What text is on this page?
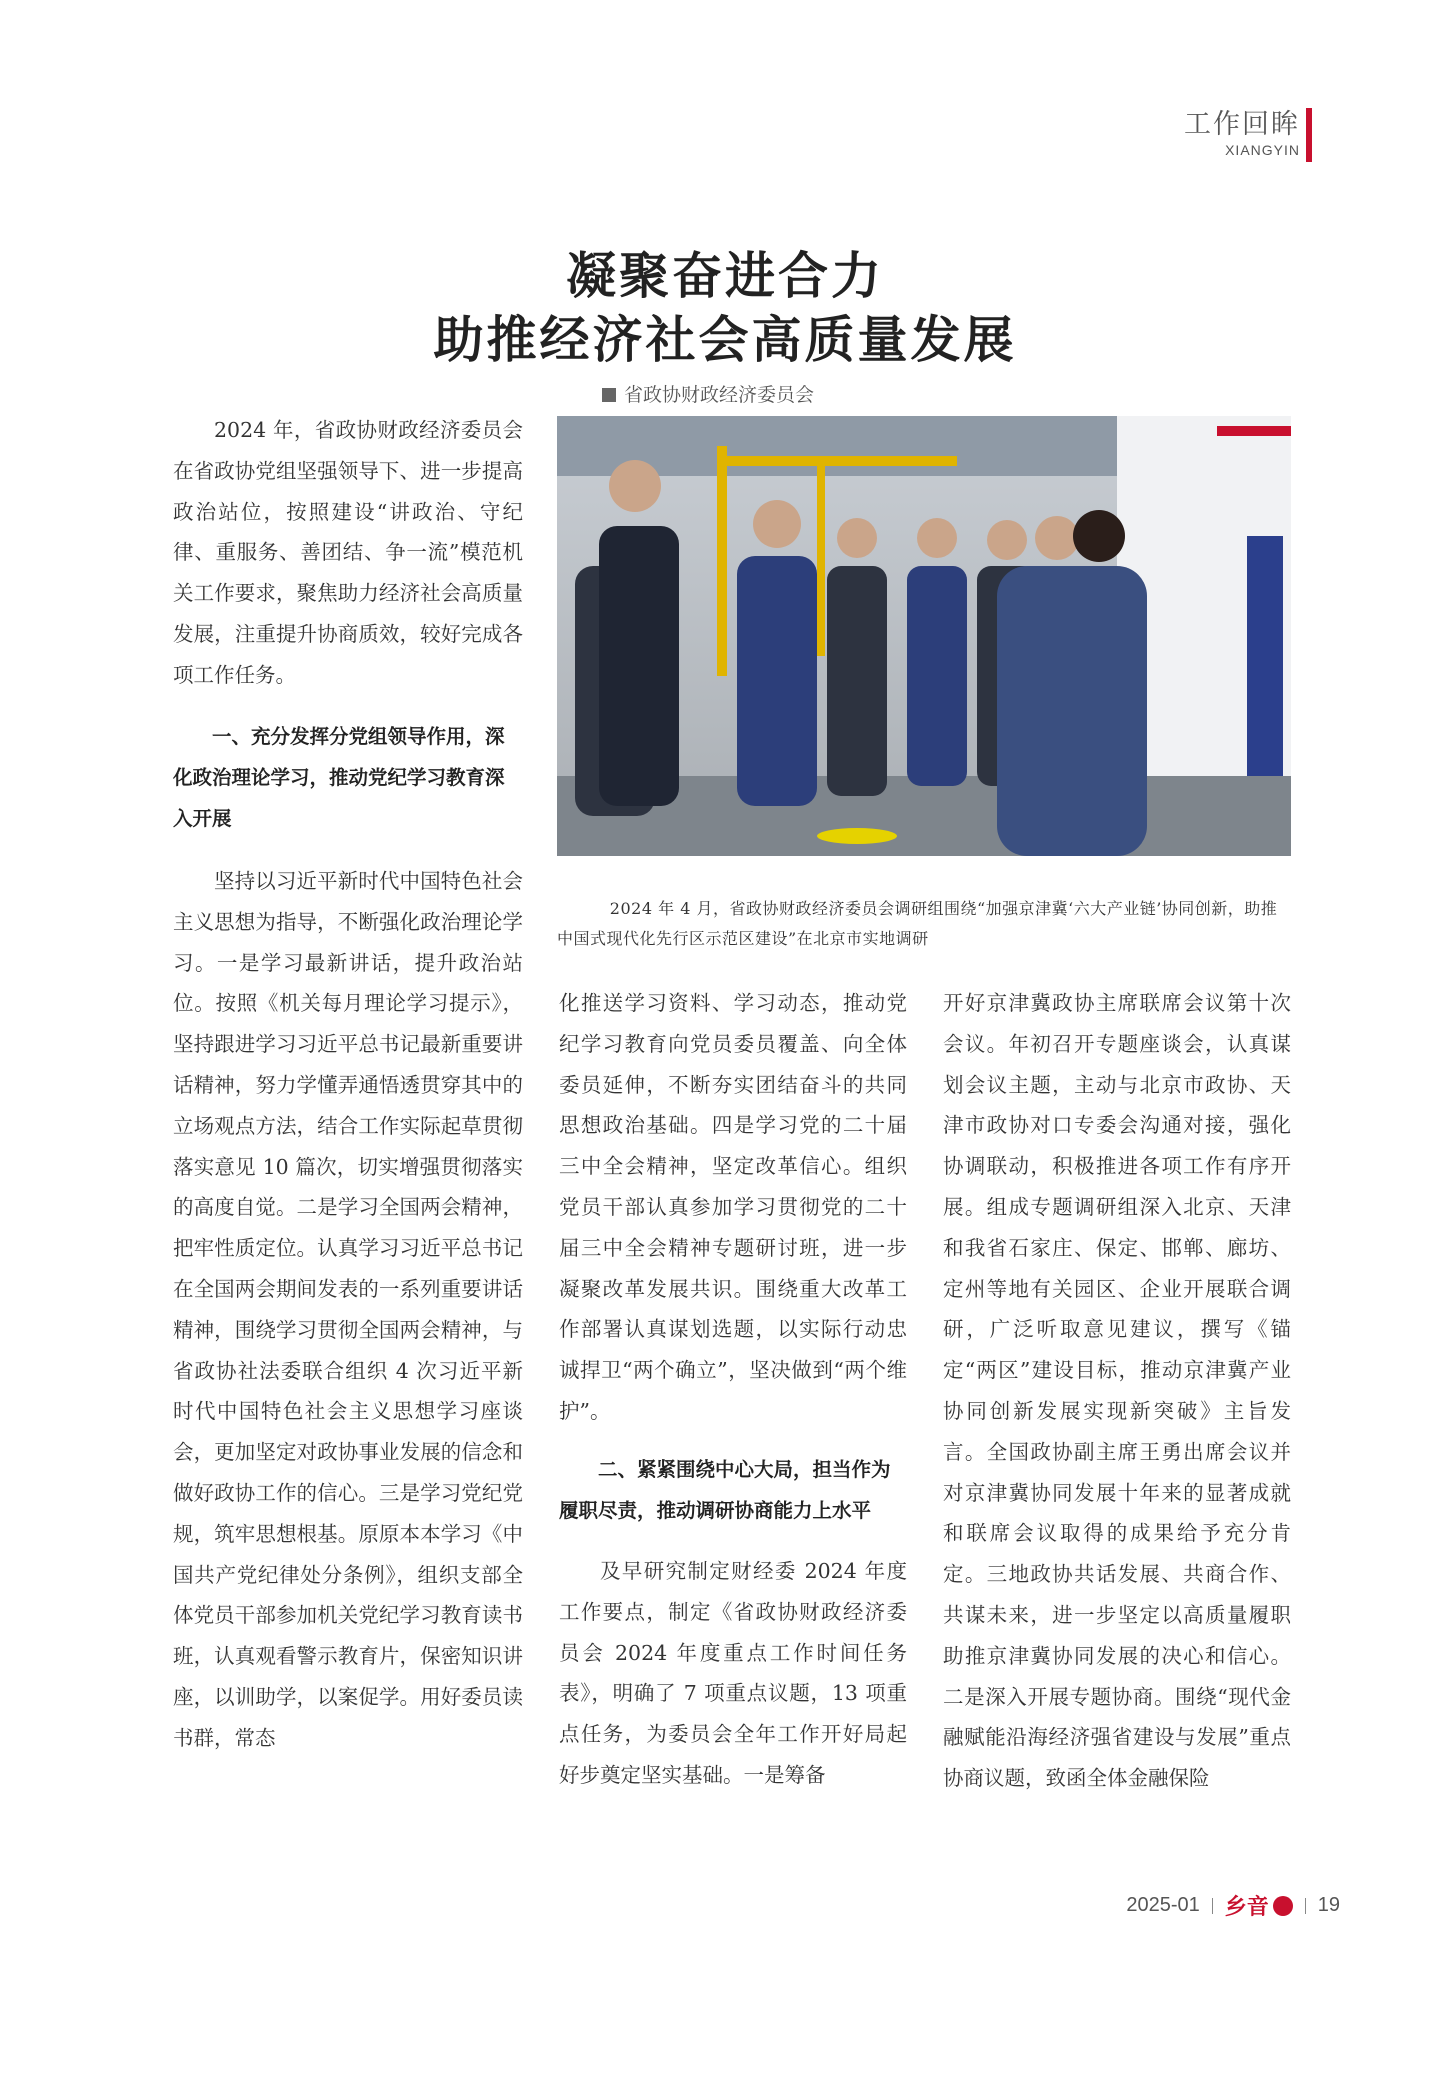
工作回眸
XIANGYIN
凝聚奋进合力
助推经济社会高质量发展
省政协财政经济委员会

2024 年，省政协财政经济委员会在省政协党组坚强领导下、进一步提高政治站位，按照建设“讲政治、守纪律、重服务、善团结、争一流”模范机关工作要求，聚焦助力经济社会高质量发展，注重提升协商质效，较好完成各项工作任务。

一、充分发挥分党组领导作用，深化政治理论学习，推动党纪学习教育深入开展

坚持以习近平新时代中国特色社会主义思想为指导，不断强化政治理论学习。一是学习最新讲话，提升政治站位。按照《机关每月理论学习提示》，坚持跟进学习习近平总书记最新重要讲话精神，努力学懂弄通悟透贯穿其中的立场观点方法，结合工作实际起草贯彻落实意见 10 篇次，切实增强贯彻落实的高度自觉。二是学习全国两会精神，把牢性质定位。认真学习习近平总书记在全国两会期间发表的一系列重要讲话精神，围绕学习贯彻全国两会精神，与省政协社法委联合组织 4 次习近平新时代中国特色社会主义思想学习座谈会，更加坚定对政协事业发展的信念和做好政协工作的信心。三是学习党纪党规，筑牢思想根基。原原本本学习《中国共产党纪律处分条例》，组织支部全体党员干部参加机关党纪学习教育读书班，认真观看警示教育片，保密知识讲座，以训助学，以案促学。用好委员读书群，常态

2024 年 4 月，省政协财政经济委员会调研组围绕“加强京津冀‘六大产业链’协同创新，助推中国式现代化先行区示范区建设”在北京市实地调研

化推送学习资料、学习动态，推动党纪学习教育向党员委员覆盖、向全体委员延伸，不断夯实团结奋斗的共同思想政治基础。四是学习党的二十届三中全会精神，坚定改革信心。组织党员干部认真参加学习贯彻党的二十届三中全会精神专题研讨班，进一步凝聚改革发展共识。围绕重大改革工作部署认真谋划选题，以实际行动忠诚捍卫“两个确立”，坚决做到“两个维护”。

二、紧紧围绕中心大局，担当作为履职尽责，推动调研协商能力上水平

及早研究制定财经委 2024 年度工作要点，制定《省政协财政经济委员会 2024 年度重点工作时间任务表》，明确了 7 项重点议题，13 项重点任务，为委员会全年工作开好局起好步奠定坚实基础。一是筹备

开好京津冀政协主席联席会议第十次会议。年初召开专题座谈会，认真谋划会议主题，主动与北京市政协、天津市政协对口专委会沟通对接，强化协调联动，积极推进各项工作有序开展。组成专题调研组深入北京、天津和我省石家庄、保定、邯郸、廊坊、定州等地有关园区、企业开展联合调研，广泛听取意见建议，撰写《锚定“两区”建设目标，推动京津冀产业协同创新发展实现新突破》主旨发言。全国政协副主席王勇出席会议并对京津冀协同发展十年来的显著成就和联席会议取得的成果给予充分肯定。三地政协共话发展、共商合作、共谋未来，进一步坚定以高质量履职助推京津冀协同发展的决心和信心。二是深入开展专题协商。围绕“现代金融赋能沿海经济强省建设与发展”重点协商议题，致函全体金融保险

2025-01 乡音 19
